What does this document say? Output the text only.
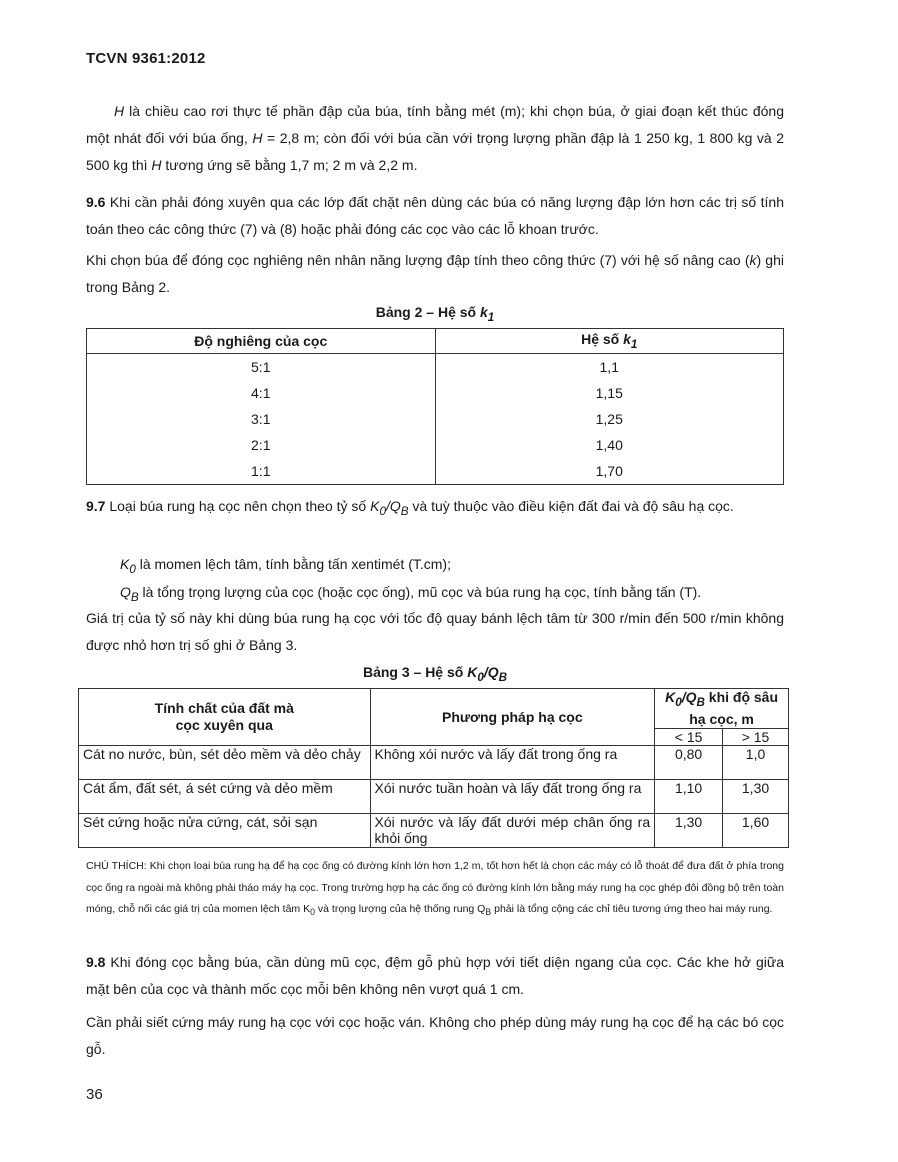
TCVN 9361:2012

H là chiều cao rơi thực tế phần đập của búa, tính bằng mét (m); khi chọn búa, ở giai đoạn kết thúc đóng một nhát đối với búa ống, H = 2,8 m; còn đối với búa cần với trọng lượng phần đập là 1 250 kg, 1 800 kg và 2 500 kg thì H tương ứng sẽ bằng 1,7 m; 2 m và 2,2 m.

9.6 Khi cần phải đóng xuyên qua các lớp đất chặt nên dùng các búa có năng lượng đập lớn hơn các trị số tính toán theo các công thức (7) và (8) hoặc phải đóng các cọc vào các lỗ khoan trước.

Khi chọn búa để đóng cọc nghiêng nên nhân năng lượng đập tính theo công thức (7) với hệ số nâng cao (k) ghi trong Bảng 2.

Bảng 2 – Hệ số $k_1$
Độ nghiêng của cọc	Hệ số $k_1$
5:1	1,1
4:1	1,15
3:1	1,25
2:1	1,40
1:1	1,70

9.7 Loại búa rung hạ cọc nên chọn theo tỷ số $K_0/Q_B$ và tuỳ thuộc vào điều kiện đất đai và độ sâu hạ cọc.

$K_0$ là momen lệch tâm, tính bằng tấn xentimét (T.cm);

$Q_B$ là tổng trọng lượng của cọc (hoặc cọc ống), mũ cọc và búa rung hạ cọc, tính bằng tấn (T).

Giá trị của tỷ số này khi dùng búa rung hạ cọc với tốc độ quay bánh lệch tâm từ 300 r/min đến 500 r/min không được nhỏ hơn trị số ghi ở Bảng 3.

Bảng 3 – Hệ số $K_0/Q_B$
Tính chất của đất mà
cọc xuyên qua	Phương pháp hạ cọc	$K_0/Q_B$ khi độ sâu hạ cọc, m	
		< 15	> 15
Cát no nước, bùn, sét dẻo mềm và dẻo chảy	Không xói nước và lấy đất trong ống ra	0,80	1,0
Cát ẩm, đất sét, á sét cứng và dẻo mềm	Xói nước tuần hoàn và lấy đất trong ống ra	1,10	1,30
Sét cứng hoặc nửa cứng, cát, sỏi sạn	Xói nước và lấy đất dưới mép chân ống ra khỏi ống	1,30	1,60

CHÚ THÍCH: Khi chọn loại búa rung hạ để hạ cọc ống có đường kính lớn hơn 1,2 m, tốt hơn hết là chọn các máy có lỗ thoát để đưa đất ở phía trong cọc ống ra ngoài mà không phải tháo máy hạ cọc. Trong trường hợp hạ các ống có đường kính lớn bằng máy rung hạ cọc ghép đôi đồng bộ trên toàn móng, chỗ nối các giá trị của momen lệch tâm $K_0$ và trọng lượng của hệ thống rung $Q_B$ phải là tổng cộng các chỉ tiêu tương ứng theo hai máy rung.

9.8 Khi đóng cọc bằng búa, cần dùng mũ cọc, đệm gỗ phù hợp với tiết diện ngang của cọc. Các khe hở giữa mặt bên của cọc và thành mốc cọc mỗi bên không nên vượt quá 1 cm.

Cần phải siết cứng máy rung hạ cọc với cọc hoặc ván. Không cho phép dùng máy rung hạ cọc để hạ các bó cọc gỗ.

36
